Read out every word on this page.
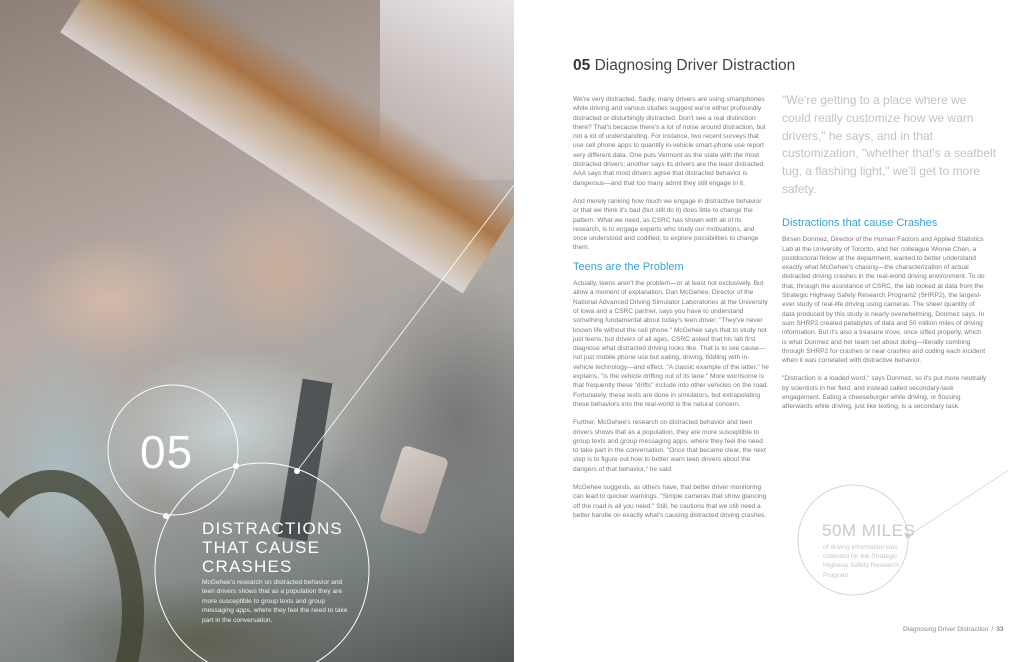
05
DISTRACTIONS
THAT CAUSE
CRASHES
McGehee's research on distracted behavior and teen drivers shows that as a population they are more susceptible to group texts and group messaging apps, where they feel the need to take part in the conversation.
05 Diagnosing Driver Distraction

We're very distracted. Sadly, many drivers are using smartphones while driving and various studies suggest we're either profoundly distracted or disturbingly distracted. Don't see a real distinction there? That's because there's a lot of noise around distraction, but not a lot of understanding. For instance, two recent surveys that use cell phone apps to quantify in-vehicle smart-phone use report very different data. One puts Vermont as the state with the most distracted drivers; another says its drivers are the least distracted. AAA says that most drivers agree that distracted behavior is dangerous—and that too many admit they still engage in it.

And merely ranking how much we engage in distractive behavior or that we think it's bad (but still do it) does little to change the pattern. What we need, as CSRC has shown with all of its research, is to engage experts who study our motivations, and once understood and codified, to explore possibilities to change them.

Teens are the Problem

Actually, teens aren't the problem—or at least not exclusively. But allow a moment of explanation. Dan McGehee, Director of the National Advanced Driving Simulator Laboratories at the University of Iowa and a CSRC partner, says you have to understand something fundamental about today's teen driver: "They've never known life without the cell phone." McGehee says that to study not just teens, but drivers of all ages, CSRC asked that his lab first diagnose what distracted driving looks like. That is to see cause—not just mobile phone use but eating, driving, fiddling with in-vehicle technology—and effect. "A classic example of the latter," he explains, "is the vehicle drifting out of its lane." More worrisome is that frequently these "drifts" include into other vehicles on the road. Fortunately, these tests are done in simulators, but extrapolating these behaviors into the real-world is the natural concern.

Further, McGehee's research on distracted behavior and teen drivers shows that as a population, they are more susceptible to group texts and group messaging apps, where they feel the need to take part in the conversation. "Once that became clear, the next step is to figure out how to better warn teen drivers about the dangers of that behavior," he said.

McGehee suggests, as others have, that better driver monitoring can lead to quicker warnings. "Simple cameras that show glancing off the road is all you need." Still, he cautions that we still need a better handle on exactly what's causing distracted driving crashes.

"We're getting to a place where we could really customize how we warn drivers," he says, and in that customization, "whether that's a seatbelt tug, a flashing light," we'll get to more safety.
Distractions that cause Crashes

Birsen Donmez, Director of the Human Factors and Applied Statistics Lab at the University of Toronto, and her colleague Winnie Chen, a postdoctoral fellow at the department, wanted to better understand exactly what McGehee's chasing—the characterization of actual distracted driving crashes in the real-world driving environment. To do that, through the assistance of CSRC, the lab looked at data from the Strategic Highway Safety Research Program2 (SHRP2), the largest-ever study of real-life driving using cameras. The sheer quantity of data produced by this study is nearly overwhelming, Donmez says. In sum SHRP2 created petabytes of data and 50 million miles of driving information. But it's also a treasure trove, once sifted properly, which is what Donmez and her team set about doing—literally combing through SHRP2 for crashes or near crashes and coding each incident when it was correlated with distractive behavior.

"Distraction is a loaded word," says Donmez, so it's put more neutrally by scientists in her field, and instead called secondary-task engagement. Eating a cheeseburger while driving, or flossing afterwards while driving, just like texting, is a secondary task.

50M MILES
of driving information was collected for the Strategic Highway Safety Research Program
Diagnosing Driver Distraction / 33
